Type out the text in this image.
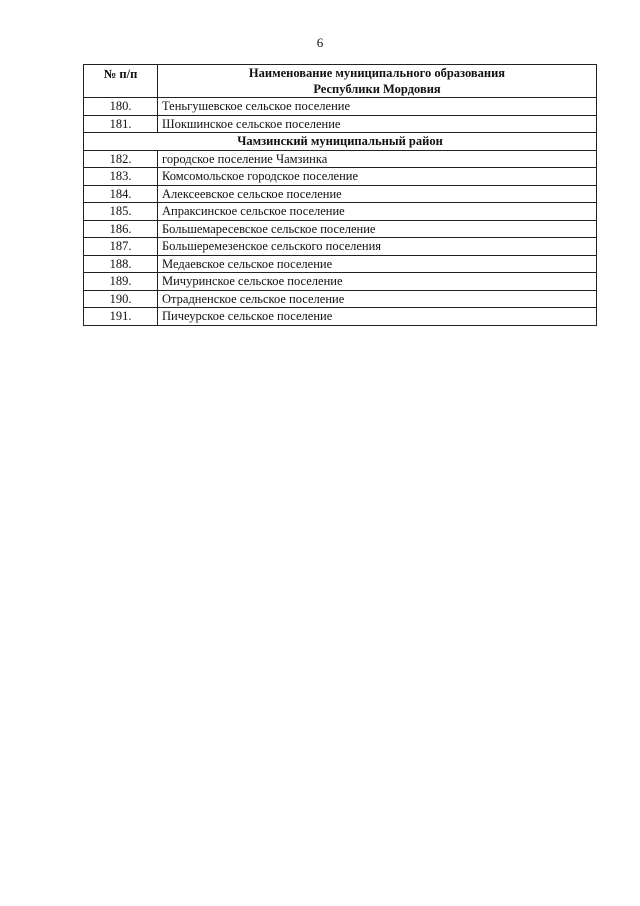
6
№ п/п	Наименование муниципального образования
Республики Мордовия

180.	Теньгушевское сельское поселение
181.	Шокшинское сельское поселение
Чамзинский муниципальный район	
182.	городское поселение Чамзинка
183.	Комсомольское городское поселение
184.	Алексеевское сельское поселение
185.	Апраксинское сельское поселение
186.	Большемаресевское сельское поселение
187.	Большеремезенское сельского поселения
188.	Медаевское сельское поселение
189.	Мичуринское сельское поселение
190.	Отрадненское сельское поселение
191.	Пичеурское сельское поселение
